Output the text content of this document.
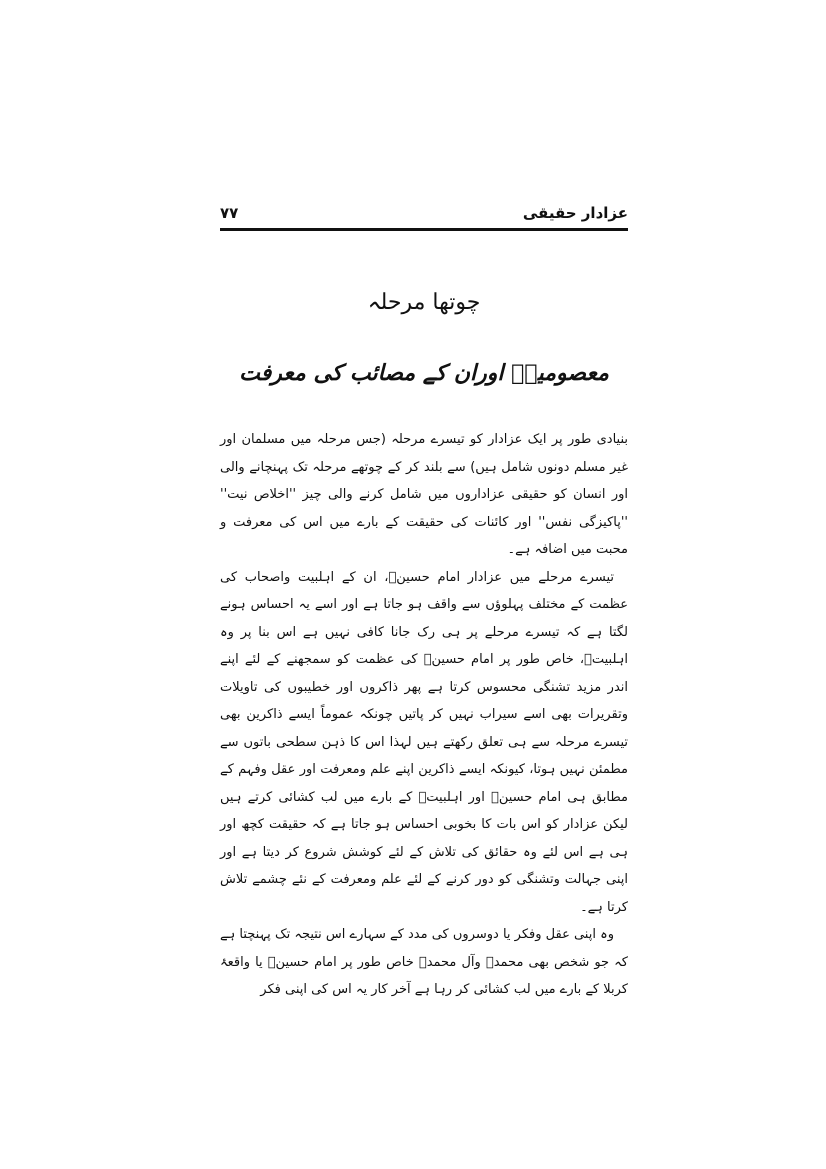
عزادار حقیقی
۷۷
چوتھا مرحلہ
معصومینؑ اوران کے مصائب کی معرفت

بنیادی طور پر ایک عزادار کو تیسرے مرحلہ (جس مرحلہ میں مسلمان اور غیر مسلم دونوں شامل ہیں) سے بلند کر کے چوتھے مرحلہ تک پہنچانے والی اور انسان کو حقیقی عزاداروں میں شامل کرنے والی چیز ''اخلاص نیت'' ''پاکیزگی نفس'' اور کائنات کی حقیقت کے بارے میں اس کی معرفت و محبت میں اضافہ ہے۔

تیسرے مرحلے میں عزادار امام حسینؑ، ان کے اہلبیت واصحاب کی عظمت کے مختلف پہلوؤں سے واقف ہو جاتا ہے اور اسے یہ احساس ہونے لگتا ہے کہ تیسرے مرحلے پر ہی رک جانا کافی نہیں ہے اس بنا پر وہ اہلبیتؑ، خاص طور پر امام حسینؑ کی عظمت کو سمجھنے کے لئے اپنے اندر مزید تشنگی محسوس کرتا ہے پھر ذاکروں اور خطیبوں کی تاویلات وتقریرات بھی اسے سیراب نہیں کر پاتیں چونکہ عموماً ایسے ذاکرین بھی تیسرے مرحلہ سے ہی تعلق رکھتے ہیں لہذا اس کا ذہن سطحی باتوں سے مطمئن نہیں ہوتا، کیونکہ ایسے ذاکرین اپنے علم ومعرفت اور عقل وفہم کے مطابق ہی امام حسینؑ اور اہلبیتؑ کے بارے میں لب کشائی کرتے ہیں لیکن عزادار کو اس بات کا بخوبی احساس ہو جاتا ہے کہ حقیقت کچھ اور ہی ہے اس لئے وہ حقائق کی تلاش کے لئے کوشش شروع کر دیتا ہے اور اپنی جہالت وتشنگی کو دور کرنے کے لئے علم ومعرفت کے نئے چشمے تلاش کرتا ہے۔

وہ اپنی عقل وفکر یا دوسروں کی مدد کے سہارے اس نتیجہ تک پہنچتا ہے کہ جو شخص بھی محمدؐ وآل محمدؐ خاص طور پر امام حسینؑ یا واقعۂ کربلا کے بارے میں لب کشائی کر رہا ہے آخر کار یہ اس کی اپنی فکر
